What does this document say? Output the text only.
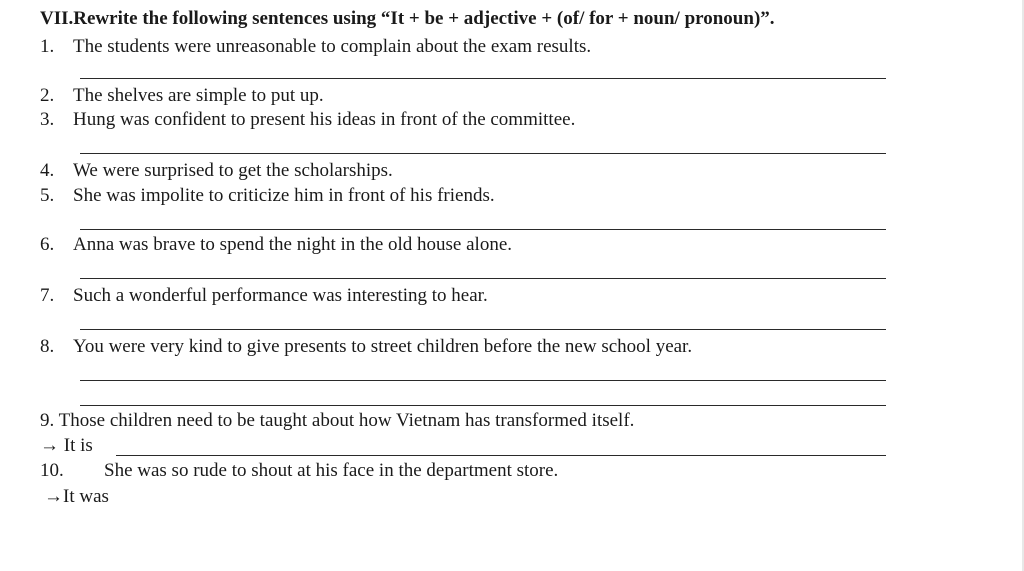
VII.Rewrite the following sentences using “It + be + adjective + (of/ for + noun/ pronoun)”.
1. The students were unreasonable to complain about the exam results.
2. The shelves are simple to put up.
3. Hung was confident to present his ideas in front of the committee.
4. We were surprised to get the scholarships.
5. She was impolite to criticize him in front of his friends.
6. Anna was brave to spend the night in the old house alone.
7. Such a wonderful performance was interesting to hear.
8. You were very kind to give presents to street children before the new school year.
9. Those children need to be taught about how Vietnam has transformed itself.
→ It is
10. She was so rude to shout at his face in the department store.
→It was
